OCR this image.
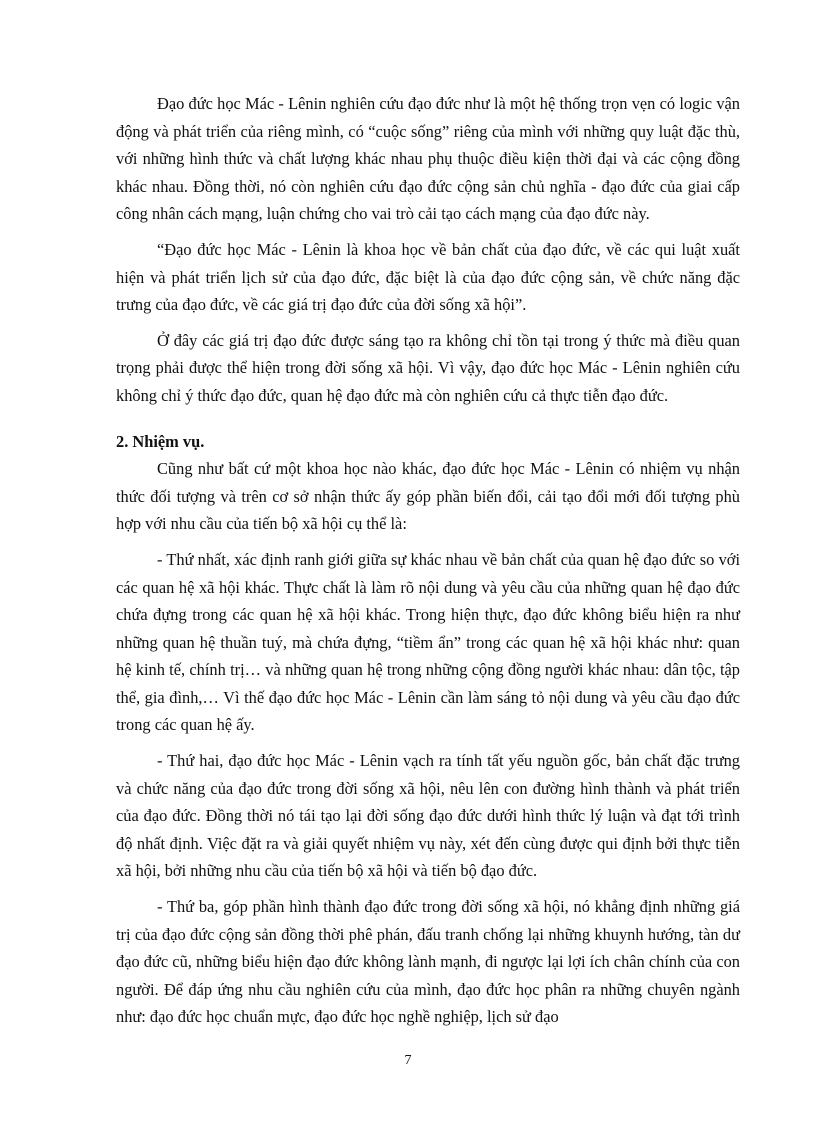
Đạo đức học Mác - Lênin nghiên cứu đạo đức như là một hệ thống trọn vẹn có logic vận động và phát triển của riêng mình, có “cuộc sống” riêng của mình với những quy luật đặc thù, với những hình thức và chất lượng khác nhau phụ thuộc điều kiện thời đại và các cộng đồng khác nhau. Đồng thời, nó còn nghiên cứu đạo đức cộng sản chủ nghĩa - đạo đức của giai cấp công nhân cách mạng, luận chứng cho vai trò cải tạo cách mạng của đạo đức này.

“Đạo đức học Mác - Lênin là khoa học về bản chất của đạo đức, về các qui luật xuất hiện và phát triển lịch sử của đạo đức, đặc biệt là của đạo đức cộng sản, về chức năng đặc trưng của đạo đức, về các giá trị đạo đức của đời sống xã hội”.

Ở đây các giá trị đạo đức được sáng tạo ra không chỉ tồn tại trong ý thức mà điều quan trọng phải được thể hiện trong đời sống xã hội. Vì vậy, đạo đức học Mác - Lênin nghiên cứu không chỉ ý thức đạo đức, quan hệ đạo đức mà còn nghiên cứu cả thực tiễn đạo đức.

2. Nhiệm vụ.

Cũng như bất cứ một khoa học nào khác, đạo đức học Mác - Lênin có nhiệm vụ nhận thức đối tượng và trên cơ sở nhận thức ấy góp phần biến đổi, cải tạo đổi mới đối tượng phù hợp với nhu cầu của tiến bộ xã hội cụ thể là:

- Thứ nhất, xác định ranh giới giữa sự khác nhau về bản chất của quan hệ đạo đức so với các quan hệ xã hội khác. Thực chất là làm rõ nội dung và yêu cầu của những quan hệ đạo đức chứa đựng trong các quan hệ xã hội khác. Trong hiện thực, đạo đức không biểu hiện ra như những quan hệ thuần tuý, mà chứa đựng, “tiềm ẩn” trong các quan hệ xã hội khác như: quan hệ kinh tế, chính trị… và những quan hệ trong những cộng đồng người khác nhau: dân tộc, tập thể, gia đình,… Vì thế đạo đức học Mác - Lênin cần làm sáng tỏ nội dung và yêu cầu đạo đức trong các quan hệ ấy.

- Thứ hai, đạo đức học Mác - Lênin vạch ra tính tất yếu nguồn gốc, bản chất đặc trưng và chức năng của đạo đức trong đời sống xã hội, nêu lên con đường hình thành và phát triển của đạo đức. Đồng thời nó tái tạo lại đời sống đạo đức dưới hình thức lý luận và đạt tới trình độ nhất định. Việc đặt ra và giải quyết nhiệm vụ này, xét đến cùng được qui định bởi thực tiễn xã hội, bởi những nhu cầu của tiến bộ xã hội và tiến bộ đạo đức.

- Thứ ba, góp phần hình thành đạo đức trong đời sống xã hội, nó khẳng định những giá trị của đạo đức cộng sản đồng thời phê phán, đấu tranh chống lại những khuynh hướng, tàn dư đạo đức cũ, những biểu hiện đạo đức không lành mạnh, đi ngược lại lợi ích chân chính của con người. Để đáp ứng nhu cầu nghiên cứu của mình, đạo đức học phân ra những chuyên ngành như: đạo đức học chuẩn mực, đạo đức học nghề nghiệp, lịch sử đạo

7
